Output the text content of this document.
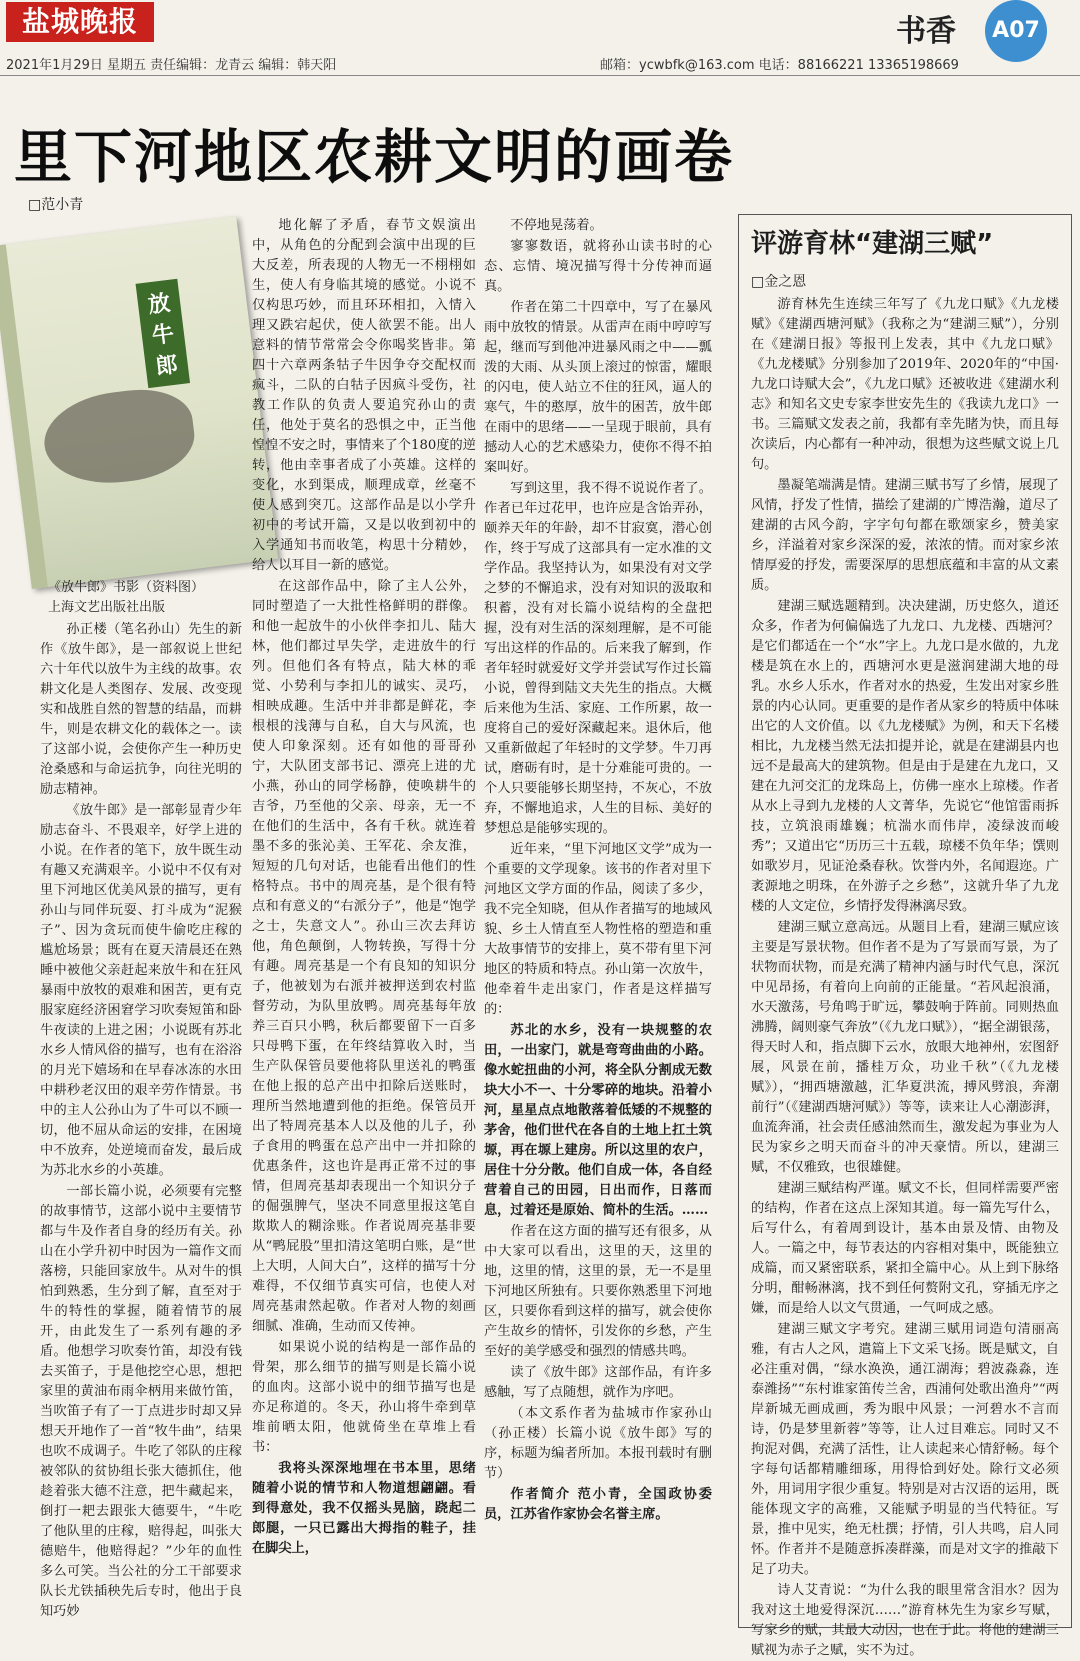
盐城晚报	书香	A07
2021年1月29日 星期五 责任编辑：龙青云 编辑：韩天阳	邮箱：ycwbfk@163.com 电话：88166221 13365198669
里下河地区农耕文明的画卷
□范小青
放牛郎
《放牛郎》书影（资料图）
上海文艺出版社出版

孙正楼（笔名孙山）先生的新作《放牛郎》，是一部叙说上世纪六十年代以放牛为主线的故事。农耕文化是人类图存、发展、改变现实和战胜自然的智慧的结晶，而耕牛，则是农耕文化的载体之一。读了这部小说，会使你产生一种历史沧桑感和与命运抗争，向往光明的励志精神。

《放牛郎》是一部彰显青少年励志奋斗、不畏艰辛，好学上进的小说。在作者的笔下，放牛既生动有趣又充满艰辛。小说中不仅有对里下河地区优美风景的描写，更有孙山与同伴玩耍、打斗成为“泥猴子”、因为贪玩而使牛偷吃庄稼的尴尬场景；既有在夏天清晨还在熟睡中被他父亲赶起来放牛和在狂风暴雨中放牧的艰难和困苦，更有克服家庭经济困窘学习吹奏短笛和卧牛夜读的上进之困；小说既有苏北水乡人情风俗的描写，也有在浴浴的月光下嬉场和在早春冰冻的水田中耕秒老汉田的艰辛劳作情景。书中的主人公孙山为了牛可以不顾一切，他不屈从命运的安排，在困境中不放弃，处逆境而奋发，最后成为苏北水乡的小英雄。

一部长篇小说，必须要有完整的故事情节，这部小说中主要情节都与牛及作者自身的经历有关。孙山在小学升初中时因为一篇作文而落榜，只能回家放牛。从对牛的惧怕到熟悉，生分到了解，直至对于牛的特性的掌握，随着情节的展开，由此发生了一系列有趣的矛盾。他想学习吹奏竹笛，却没有钱去买笛子，于是他挖空心思，想把家里的黄油布雨伞柄用来做竹笛，当吹笛子有了一丁点进步时却又异想天开地作了一首“牧牛曲”，结果也吹不成调子。牛吃了邻队的庄稼被邻队的贫协组长张大德抓住，他趁着张大德不注意，把牛藏起来，倒打一耙去跟张大德要牛，“牛吃了他队里的庄稼，赔得起，叫张大德赔牛，他赔得起？”少年的血性多么可笑。当公社的分工干部要求队长尤铁插秧先后专时，他出于良知巧妙

地化解了矛盾，春节文娱演出中，从角色的分配到会演中出现的巨大反差，所表现的人物无一不栩栩如生，使人有身临其境的感觉。小说不仅构思巧妙，而且环环相扣，入情入理又跌宕起伏，使人欲罢不能。出人意料的情节常常会令你喝奖皆非。第四十六章两条牯子牛因争夺交配权而疯斗，二队的白牯子因疯斗受伤，社教工作队的负责人要追究孙山的责任，他处于莫名的恐惧之中，正当他惶惶不安之时，事情来了个180度的逆转，他由幸事者成了小英雄。这样的变化，水到渠成，顺理成章，丝毫不使人感到突兀。这部作品是以小学升初中的考试开篇，又是以收到初中的入学通知书而收笔，构思十分精妙，给人以耳目一新的感觉。

在这部作品中，除了主人公外，同时塑造了一大批性格鲜明的群像。和他一起放牛的小伙伴李扣儿、陆大林，他们都过早失学，走进放牛的行列。但他们各有特点，陆大林的乖觉、小势利与李扣儿的诚实、灵巧，相映成趣。生活中并非都是鲜花，李根根的浅薄与自私，自大与风流，也使人印象深刻。还有如他的哥哥孙宁，大队团支部书记、漂亮上进的尤小燕，孙山的同学杨静，使唤耕牛的吉爷，乃至他的父亲、母亲，无一不在他们的生活中，各有千秋。就连着墨不多的张沁美、王军花、余友淮，短短的几句对话，也能看出他们的性格特点。书中的周亮基，是个很有特点和有意义的“右派分子”，他是“饱学之士，失意文人”。孙山三次去拜访他，角色颠倒，人物转换，写得十分有趣。周亮基是一个有良知的知识分子，他被划为右派并被押送到农村监督劳动，为队里放鸭。周亮基每年放养三百只小鸭，秋后都要留下一百多只母鸭下蛋，在年终结算收入时，当生产队保管员要他将队里送礼的鸭蛋在他上报的总产出中扣除后送账时，理所当然地遭到他的拒绝。保管员开出了特周亮基本人以及他的儿子，孙子食用的鸭蛋在总产出中一并扣除的优惠条件，这也许是再正常不过的事情，但周亮基却表现出一个知识分子的倔强脾气，坚决不同意里报这笔自欺欺人的糊涂账。作者说周亮基非要从“鸭屁股”里扣清这笔明白账，是“世上大明，人间大白”，这样的描写十分难得，不仅细节真实可信，也使人对周亮基肃然起敬。作者对人物的刻画细腻、准确，生动而又传神。

如果说小说的结构是一部作品的骨架，那么细节的描写则是长篇小说的血肉。这部小说中的细节描写也是亦足称道的。冬天，孙山将牛牵到草堆前晒太阳，他就倚坐在草堆上看书：

我将头深深地埋在书本里，思绪随着小说的情节和人物道想翩翩。看到得意处，我不仅摇头晃脑，跷起二郎腿，一只已露出大拇指的鞋子，挂在脚尖上，

不停地晃荡着。

寥寥数语，就将孙山读书时的心态、忘情、境况描写得十分传神而逼真。

作者在第二十四章中，写了在暴风雨中放牧的情景。从雷声在雨中哼哼写起，继而写到他冲进暴风雨之中——瓢泼的大雨、从头顶上滚过的惊雷，耀眼的闪电，使人站立不住的狂风，逼人的寒气，牛的憨厚，放牛的困苦，放牛郎在雨中的思绪——一呈现于眼前，具有撼动人心的艺术感染力，使你不得不拍案叫好。

写到这里，我不得不说说作者了。作者已年过花甲，也许应是含饴弄孙，颐养天年的年龄，却不甘寂寞，潜心创作，终于写成了这部具有一定水准的文学作品。我坚持认为，如果没有对文学之梦的不懈追求，没有对知识的汲取和积蓄，没有对长篇小说结构的全盘把握，没有对生活的深刻理解，是不可能写出这样的作品的。后来我了解到，作者年轻时就爱好文学并尝试写作过长篇小说，曾得到陆文夫先生的指点。大概后来他为生活、家庭、工作所累，故一度将自己的爱好深藏起来。退休后，他又重新做起了年轻时的文学梦。牛刀再试，磨砺有时，是十分难能可贵的。一个人只要能够长期坚持，不灰心，不放弃，不懈地追求，人生的目标、美好的梦想总是能够实现的。

近年来，“里下河地区文学”成为一个重要的文学现象。该书的作者对里下河地区文学方面的作品，阅读了多少，我不完全知晓，但从作者描写的地域风貌、乡土人情直至人物性格的塑造和重大故事情节的安排上，莫不带有里下河地区的特质和特点。孙山第一次放牛，他牵着牛走出家门，作者是这样描写的：

苏北的水乡，没有一块规整的农田，一出家门，就是弯弯曲曲的小路。像水蛇扭曲的小河，将全队分割成无数块大小不一、十分零碎的地块。沿着小河，星星点点地散落着低矮的不规整的茅舍，他们世代在各自的土地上扛土筑塬，再在塬上建房。所以这里的农户，居住十分分散。他们自成一体，各自经营着自己的田园，日出而作，日落而息，过着还是原始、简朴的生活。……

作者在这方面的描写还有很多，从中大家可以看出，这里的天，这里的地，这里的情，这里的景，无一不是里下河地区所独有。只要你熟悉里下河地区，只要你看到这样的描写，就会使你产生故乡的情怀，引发你的乡愁，产生至好的美学感受和强烈的情感共鸣。

读了《放牛郎》这部作品，有许多感触，写了点随想，就作为序吧。

（本文系作者为盐城市作家孙山（孙正楼）长篇小说《放牛郎》写的序，标题为编者所加。本报刊载时有删节）

作者简介 范小青，全国政协委员，江苏省作家协会名誉主席。

评游育林“建湖三赋”
□金之恩

游育林先生连续三年写了《九龙口赋》《九龙楼赋》《建湖西塘河赋》（我称之为“建湖三赋”），分别在《建湖日报》等报刊上发表，其中《九龙口赋》《九龙楼赋》分别参加了2019年、2020年的“中国·九龙口诗赋大会”，《九龙口赋》还被收进《建湖水利志》和知名文史专家李世安先生的《我读九龙口》一书。三篇赋文发表之前，我都有幸先睹为快，而且每次读后，内心都有一种冲动，很想为这些赋文说上几句。

墨凝笔端满是情。建湖三赋书写了乡情，展现了风情，抒发了性情，描绘了建湖的广博浩瀚，道尽了建湖的古风今韵，字字句句都在歌颂家乡，赞美家乡，洋溢着对家乡深深的爱，浓浓的情。而对家乡浓情厚爱的抒发，需要深厚的思想底蕴和丰富的从文素质。

建湖三赋选题精到。决决建湖，历史悠久，道还众多，作者为何偏偏选了九龙口、九龙楼、西塘河？是它们都适在一个“水”字上。九龙口是水做的，九龙楼是筑在水上的，西塘河水更是滋润建湖大地的母乳。水乡人乐水，作者对水的热爱，生发出对家乡胜景的内心认同。更重要的是作者从家乡的特质中体味出它的人文价值。以《九龙楼赋》为例，和天下名楼相比，九龙楼当然无法扣提并论，就是在建湖县内也远不是最高大的建筑物。但是由于是建在九龙口，又建在九河交汇的龙珠岛上，仿佛一座水上琼楼。作者从水上寻到九龙楼的人文菁华，先说它“他馆雷雨拆技，立筑浪雨雄巍；杭湍水而伟岸，凌绿波而峻秀”；又道出它“历历三十五载，琼楼不负年华；馔则如歌岁月，见证沧桑春秋。饮誉内外，名闻遐迩。广袤源地之明珠，在外游子之乡愁”，这就升华了九龙楼的人文定位，乡情抒发得淋漓尽致。

建湖三赋立意高远。从题目上看，建湖三赋应该主要是写景状物。但作者不是为了写景而写景，为了状物而状物，而是充满了精神内涵与时代气息，深沉中见昂扬，有着向上向前的正能量。“若风起浪涌，水天激荡，号角鸣于旷远，攀鼓响于阵前。同则热血沸腾，阔则豪气奔放”（《九龙口赋》），“据全湖银荡，得天时人和，指点脚下云水，放眼大地神州，宏图舒展，风景在前，播桂万众，功业千秋”（《九龙楼赋》），“拥西塘激越，汇华夏洪流，搏风劈浪，奔潮前行”（《建湖西塘河赋》）等等，读来让人心潮澎湃，血流奔涌，社会责任感油然而生，激发起为事业为人民为家乡之明天而奋斗的冲天豪情。所以，建湖三赋，不仅雅致，也很雄健。

建湖三赋结构严谨。赋文不长，但同样需要严密的结构，作者在这点上深知其道。每一篇先写什么，后写什么，有着周到设计，基本由景及情、由物及人。一篇之中，每节表达的内容相对集中，既能独立成篇，而又紧密联系，紧扣全篇中心。从上到下脉络分明，酣畅淋漓，找不到任何赘附文孔，穿插无序之嫌，而是给人以文气贯通，一气呵成之感。

建湖三赋文字考究。建湖三赋用词造句清丽高雅，有古人之风，遣篇上下文采飞扬。既是赋文，自必注重对偶，“绿水涣涣，通江湖海；碧波淼淼，连泰潍扬”“东村谁家笛传兰舍，西浦何处歌出渔舟”“两岸新城无画成画，秀为眼中风景；一河碧水不言而诗，仍是梦里新蓉”等等，让人过目难忘。同时又不拘泥对偶，充满了活性，让人读起来心情舒畅。每个字每句话都精雕细琢，用得恰到好处。除行文必须外，用词用字很少重复。特别是对古汉语的运用，既能体现文字的高雅，又能赋予明显的当代特征。写景，推中见实，绝无杜撰；抒情，引人共鸣，启人同怀。作者并不是随意拆凑群藻，而是对文字的推敲下足了功夫。

诗人艾青说：“为什么我的眼里常含泪水？因为我对这土地爱得深沉……”游育林先生为家乡写赋，写家乡的赋，其最大动因，也在于此。将他的建湖三赋视为赤子之赋，实不为过。
